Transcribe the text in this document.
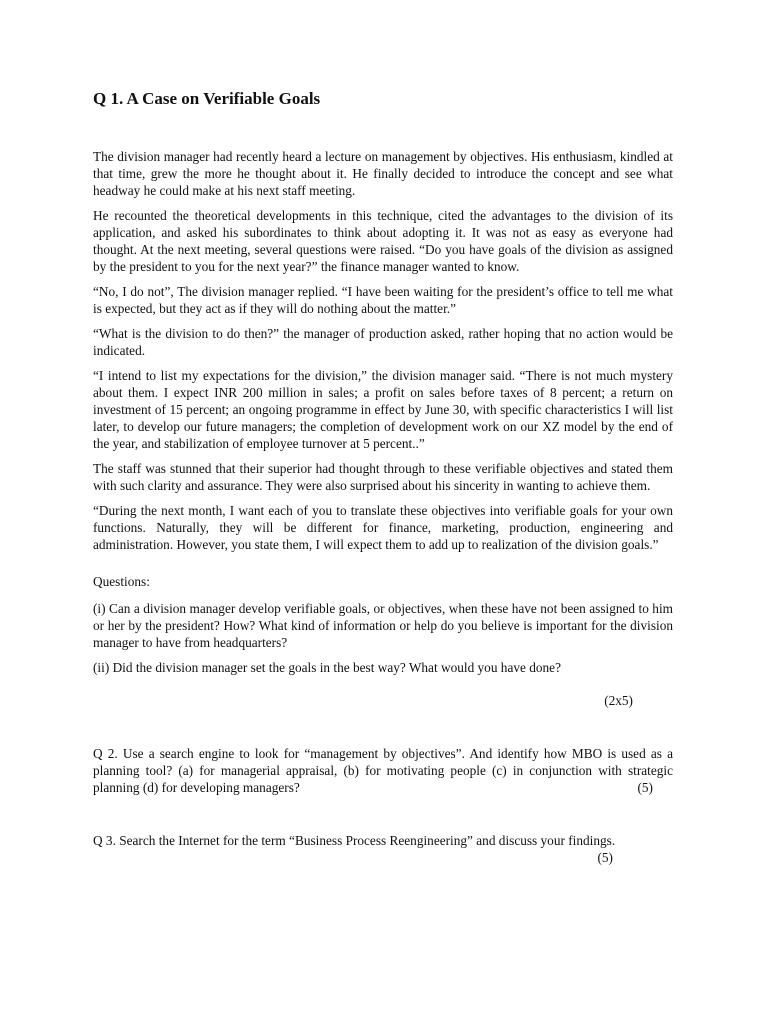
Q 1. A Case on Verifiable Goals

The division manager had recently heard a lecture on management by objectives. His enthusiasm, kindled at that time, grew the more he thought about it. He finally decided to introduce the concept and see what headway he could make at his next staff meeting.

He recounted the theoretical developments in this technique, cited the advantages to the division of its application, and asked his subordinates to think about adopting it. It was not as easy as everyone had thought. At the next meeting, several questions were raised. “Do you have goals of the division as assigned by the president to you for the next year?” the finance manager wanted to know.

“No, I do not”, The division manager replied. “I have been waiting for the president’s office to tell me what is expected, but they act as if they will do nothing about the matter.”

“What is the division to do then?” the manager of production asked, rather hoping that no action would be indicated.

“I intend to list my expectations for the division,” the division manager said. “There is not much mystery about them. I expect INR 200 million in sales; a profit on sales before taxes of 8 percent; a return on investment of 15 percent; an ongoing programme in effect by June 30, with specific characteristics I will list later, to develop our future managers; the completion of development work on our XZ model by the end of the year, and stabilization of employee turnover at 5 percent..”

The staff was stunned that their superior had thought through to these verifiable objectives and stated them with such clarity and assurance. They were also surprised about his sincerity in wanting to achieve them.

“During the next month, I want each of you to translate these objectives into verifiable goals for your own functions. Naturally, they will be different for finance, marketing, production, engineering and administration. However, you state them, I will expect them to add up to realization of the division goals.”

Questions:

(i) Can a division manager develop verifiable goals, or objectives, when these have not been assigned to him or her by the president? How? What kind of information or help do you believe is important for the division manager to have from headquarters?

(ii) Did the division manager set the goals in the best way? What would you have done?

(2x5)

Q 2. Use a search engine to look for “management by objectives”. And identify how MBO is used as a planning tool? (a) for managerial appraisal, (b) for motivating people (c) in conjunction with strategic planning (d) for developing managers?	(5)

Q 3. Search the Internet for the term “Business Process Reengineering” and discuss your findings.

(5)
